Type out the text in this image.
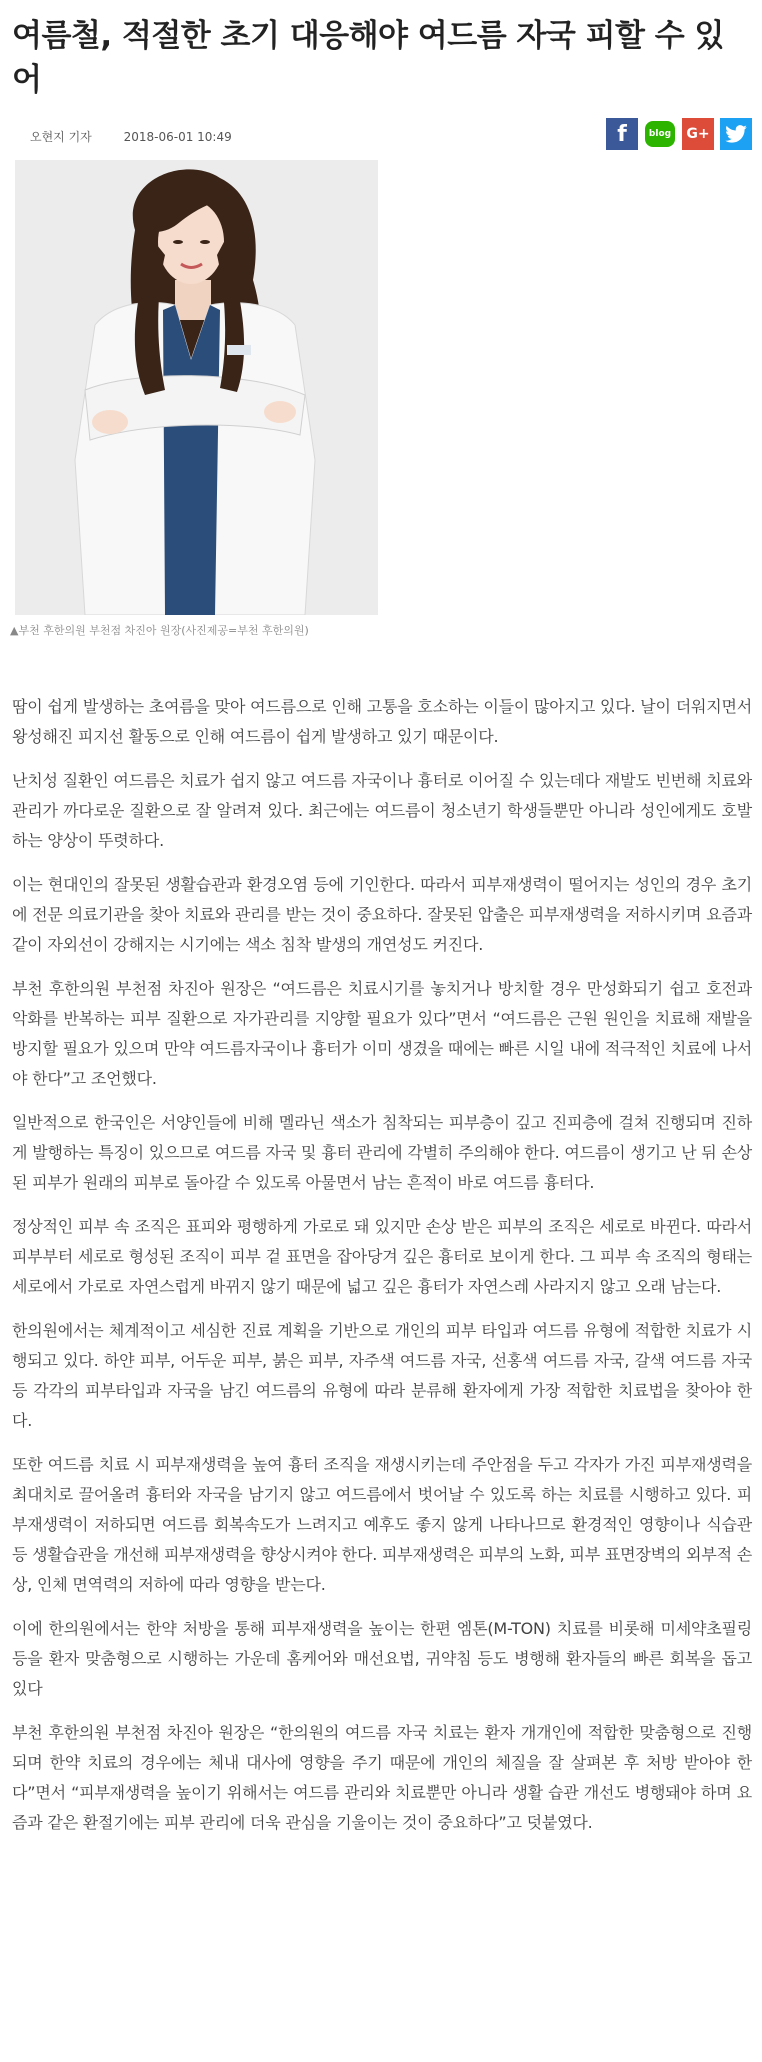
여름철, 적절한 초기 대응해야 여드름 자국 피할 수 있어
오현지 기자	2018-06-01 10:49	f	blog G+
▲부천 후한의원 부천점 차진아 원장(사진제공=부천 후한의원)

땀이 쉽게 발생하는 초여름을 맞아 여드름으로 인해 고통을 호소하는 이들이 많아지고 있다. 날이 더워지면서 왕성해진 피지선 활동으로 인해 여드름이 쉽게 발생하고 있기 때문이다.

난치성 질환인 여드름은 치료가 쉽지 않고 여드름 자국이나 흉터로 이어질 수 있는데다 재발도 빈번해 치료와 관리가 까다로운 질환으로 잘 알려져 있다. 최근에는 여드름이 청소년기 학생들뿐만 아니라 성인에게도 호발하는 양상이 뚜렷하다.

이는 현대인의 잘못된 생활습관과 환경오염 등에 기인한다. 따라서 피부재생력이 떨어지는 성인의 경우 초기에 전문 의료기관을 찾아 치료와 관리를 받는 것이 중요하다. 잘못된 압출은 피부재생력을 저하시키며 요즘과 같이 자외선이 강해지는 시기에는 색소 침착 발생의 개연성도 커진다.

부천 후한의원 부천점 차진아 원장은 “여드름은 치료시기를 놓치거나 방치할 경우 만성화되기 쉽고 호전과 악화를 반복하는 피부 질환으로 자가관리를 지양할 필요가 있다”면서 “여드름은 근원 원인을 치료해 재발을 방지할 필요가 있으며 만약 여드름자국이나 흉터가 이미 생겼을 때에는 빠른 시일 내에 적극적인 치료에 나서야 한다”고 조언했다.

일반적으로 한국인은 서양인들에 비해 멜라닌 색소가 침착되는 피부층이 깊고 진피층에 걸쳐 진행되며 진하게 발행하는 특징이 있으므로 여드름 자국 및 흉터 관리에 각별히 주의해야 한다. 여드름이 생기고 난 뒤 손상된 피부가 원래의 피부로 돌아갈 수 있도록 아물면서 남는 흔적이 바로 여드름 흉터다.

정상적인 피부 속 조직은 표피와 평행하게 가로로 돼 있지만 손상 받은 피부의 조직은 세로로 바뀐다. 따라서 피부부터 세로로 형성된 조직이 피부 겉 표면을 잡아당겨 깊은 흉터로 보이게 한다. 그 피부 속 조직의 형태는 세로에서 가로로 자연스럽게 바뀌지 않기 때문에 넓고 깊은 흉터가 자연스레 사라지지 않고 오래 남는다.

한의원에서는 체계적이고 세심한 진료 계획을 기반으로 개인의 피부 타입과 여드름 유형에 적합한 치료가 시행되고 있다. 하얀 피부, 어두운 피부, 붉은 피부, 자주색 여드름 자국, 선홍색 여드름 자국, 갈색 여드름 자국 등 각각의 피부타입과 자국을 남긴 여드름의 유형에 따라 분류해 환자에게 가장 적합한 치료법을 찾아야 한다.

또한 여드름 치료 시 피부재생력을 높여 흉터 조직을 재생시키는데 주안점을 두고 각자가 가진 피부재생력을 최대치로 끌어올려 흉터와 자국을 남기지 않고 여드름에서 벗어날 수 있도록 하는 치료를 시행하고 있다. 피부재생력이 저하되면 여드름 회복속도가 느려지고 예후도 좋지 않게 나타나므로 환경적인 영향이나 식습관 등 생활습관을 개선해 피부재생력을 향상시켜야 한다. 피부재생력은 피부의 노화, 피부 표면장벽의 외부적 손상, 인체 면역력의 저하에 따라 영향을 받는다.

이에 한의원에서는 한약 처방을 통해 피부재생력을 높이는 한편 엠톤(M-TON) 치료를 비롯해 미세약초필링 등을 환자 맞춤형으로 시행하는 가운데 홈케어와 매선요법, 귀약침 등도 병행해 환자들의 빠른 회복을 돕고 있다

부천 후한의원 부천점 차진아 원장은 “한의원의 여드름 자국 치료는 환자 개개인에 적합한 맞춤형으로 진행되며 한약 치료의 경우에는 체내 대사에 영향을 주기 때문에 개인의 체질을 잘 살펴본 후 처방 받아야 한다”면서 “피부재생력을 높이기 위해서는 여드름 관리와 치료뿐만 아니라 생활 습관 개선도 병행돼야 하며 요즘과 같은 환절기에는 피부 관리에 더욱 관심을 기울이는 것이 중요하다”고 덧붙였다.
